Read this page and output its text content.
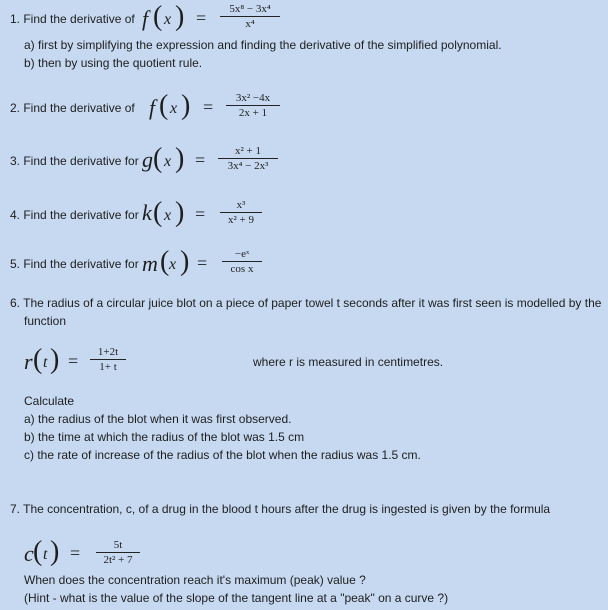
1. Find the derivative of f ( x ) =	5x⁸ − 3x⁴
x⁴
a) first by simplifying the expression and finding the derivative of the simplified polynomial.
b) then by using the quotient rule.
2. Find the derivative of f ( x ) =	3x² −4x
2x + 1
3. Find the derivative for g ( x ) =	x² + 1
3x⁴ − 2x³
4. Find the derivative for k ( x ) =	x³
x² + 9
5. Find the derivative for m ( x ) =	−eˣ
cos x
6. The radius of a circular juice blot on a piece of paper towel t seconds after it was first seen is modelled by the
function
r ( t ) =	1+2t
1+ t	where r is measured in centimetres.
Calculate
a) the radius of the blot when it was first observed.
b) the time at which the radius of the blot was 1.5 cm
c) the rate of increase of the radius of the blot when the radius was 1.5 cm.
7. The concentration, c, of a drug in the blood t hours after the drug is ingested is given by the formula
c ( t ) =	5t
2t² + 7
When does the concentration reach it's maximum (peak) value ?
(Hint - what is the value of the slope of the tangent line at a "peak" on a curve ?)
